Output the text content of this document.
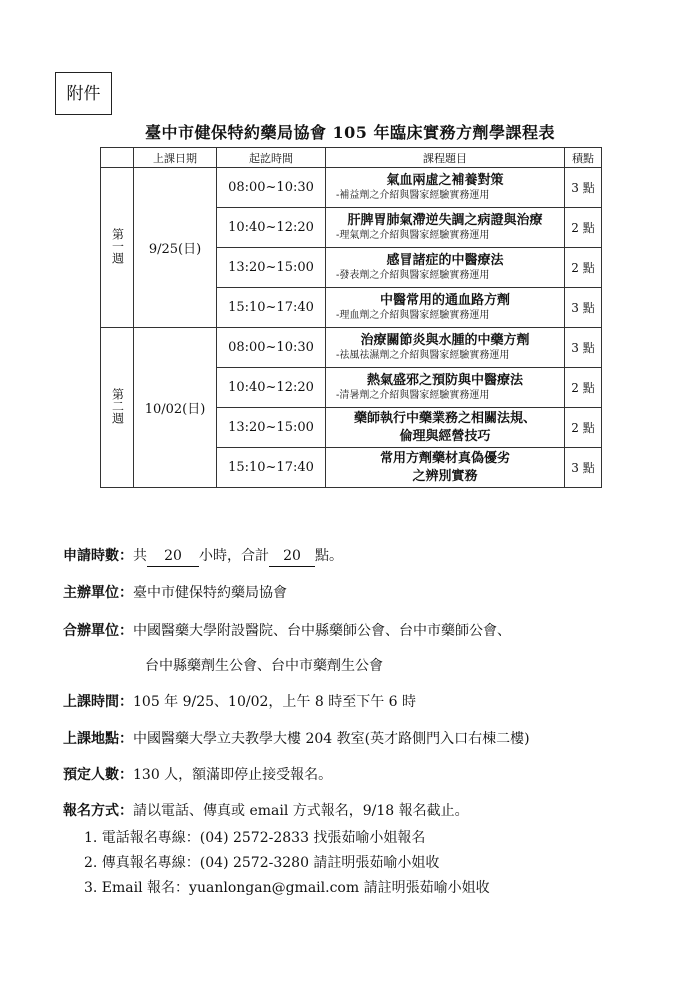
附件
臺中市健保特約藥局協會 105 年臨床實務方劑學課程表
	上課日期	起訖時間	課程題目	積點
第一週	9/25(日)	08:00~10:30	氣血兩虛之補養對策
-補益劑之介紹與醫家經驗實務運用	3 點
		10:40~12:20	肝脾胃肺氣滯逆失調之病證與治療
-理氣劑之介紹與醫家經驗實務運用	2 點
		13:20~15:00	感冒諸症的中醫療法
-發表劑之介紹與醫家經驗實務運用	2 點
		15:10~17:40	中醫常用的通血路方劑
-理血劑之介紹與醫家經驗實務運用	3 點
第二週	10/02(日)	08:00~10:30	治療關節炎與水腫的中藥方劑
-祛風祛濕劑之介紹與醫家經驗實務運用	3 點
		10:40~12:20	熱氣盛邪之預防與中醫療法
-清暑劑之介紹與醫家經驗實務運用	2 點
		13:20~15:00	藥師執行中藥業務之相關法規、
倫理與經營技巧	2 點
		15:10~17:40	常用方劑藥材真偽優劣
之辨別實務	3 點
申請時數：共 20 小時，合計 20 點。
主辦單位：臺中市健保特約藥局協會
合辦單位：中國醫藥大學附設醫院、台中縣藥師公會、台中市藥師公會、
台中縣藥劑生公會、台中市藥劑生公會
上課時間：105 年 9/25、10/02，上午 8 時至下午 6 時
上課地點：中國醫藥大學立夫教學大樓 204 教室(英才路側門入口右棟二樓)
預定人數：130 人，額滿即停止接受報名。
報名方式：請以電話、傳真或 email 方式報名，9/18 報名截止。
1. 電話報名專線：(04) 2572-2833 找張茹喻小姐報名
2. 傳真報名專線：(04) 2572-3280 請註明張茹喻小姐收
3. Email 報名：yuanlongan@gmail.com 請註明張茹喻小姐收
